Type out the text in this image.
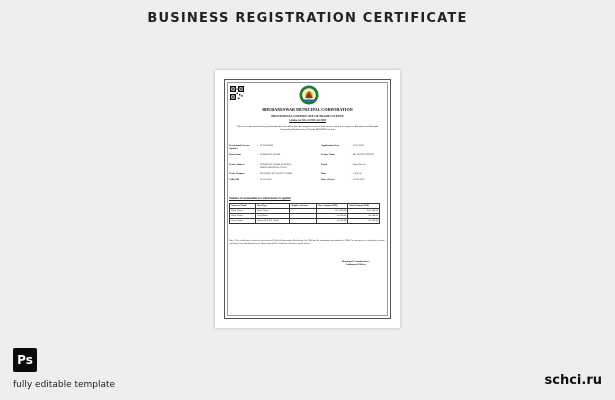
BUSINESS REGISTRATION CERTIFICATE
BHUBANESWAR MUNICIPAL CORPORATION
PROVISIONAL CERTIFICATE OF TRADE LICENSE
License u/s 516 of OMC Act 2003
This is to certify that following information has been taken from the original records of trade license which is in register of Bhubaneswar Municipal Corporation,Bhubaneswar of Nrusha KHORDHA of state
Provisional License Number
: TL22030009	Application Year	: 2022-2023
Firm Name	: COMPANY NAME	Trader Name	: Mr. JOHN CITIZEN
Trade Address	: COMPANY NAME STATION, BHUBANESWAR-751017
Ward	: Ward No-10
Trade Purpose	: TRADING OF WASTE PAPER	Rate	: 1,000.00
Valid Till	: 31-03-2023	Date of Issue	: 23-03-2022
Number of commodities for which license is applied
Nature of Trade	Item Type	Number of items	Base Amount (INR)	Total Amount (INR)
Waste House	Waste House	1	Rs.2,000.00	Rs.2,000.00
Waste House	Card Board	1	Rs.500.00	Rs.500.00
Waste House	Others (D.B.P & Cloth)	1	Rs.500.00	Rs.500.00
Note : This certificate is issued as per section 4 (1)(b) of Information Technology Act 2000 and its subsequent amendments in 2008. For any query or verification, please visit https://www.bhubaneswar.me Tampering of this certificate will attract penal action.
Municipal Commissioner /
Authorized Officer
Ps
fully editable template	schci.ru
